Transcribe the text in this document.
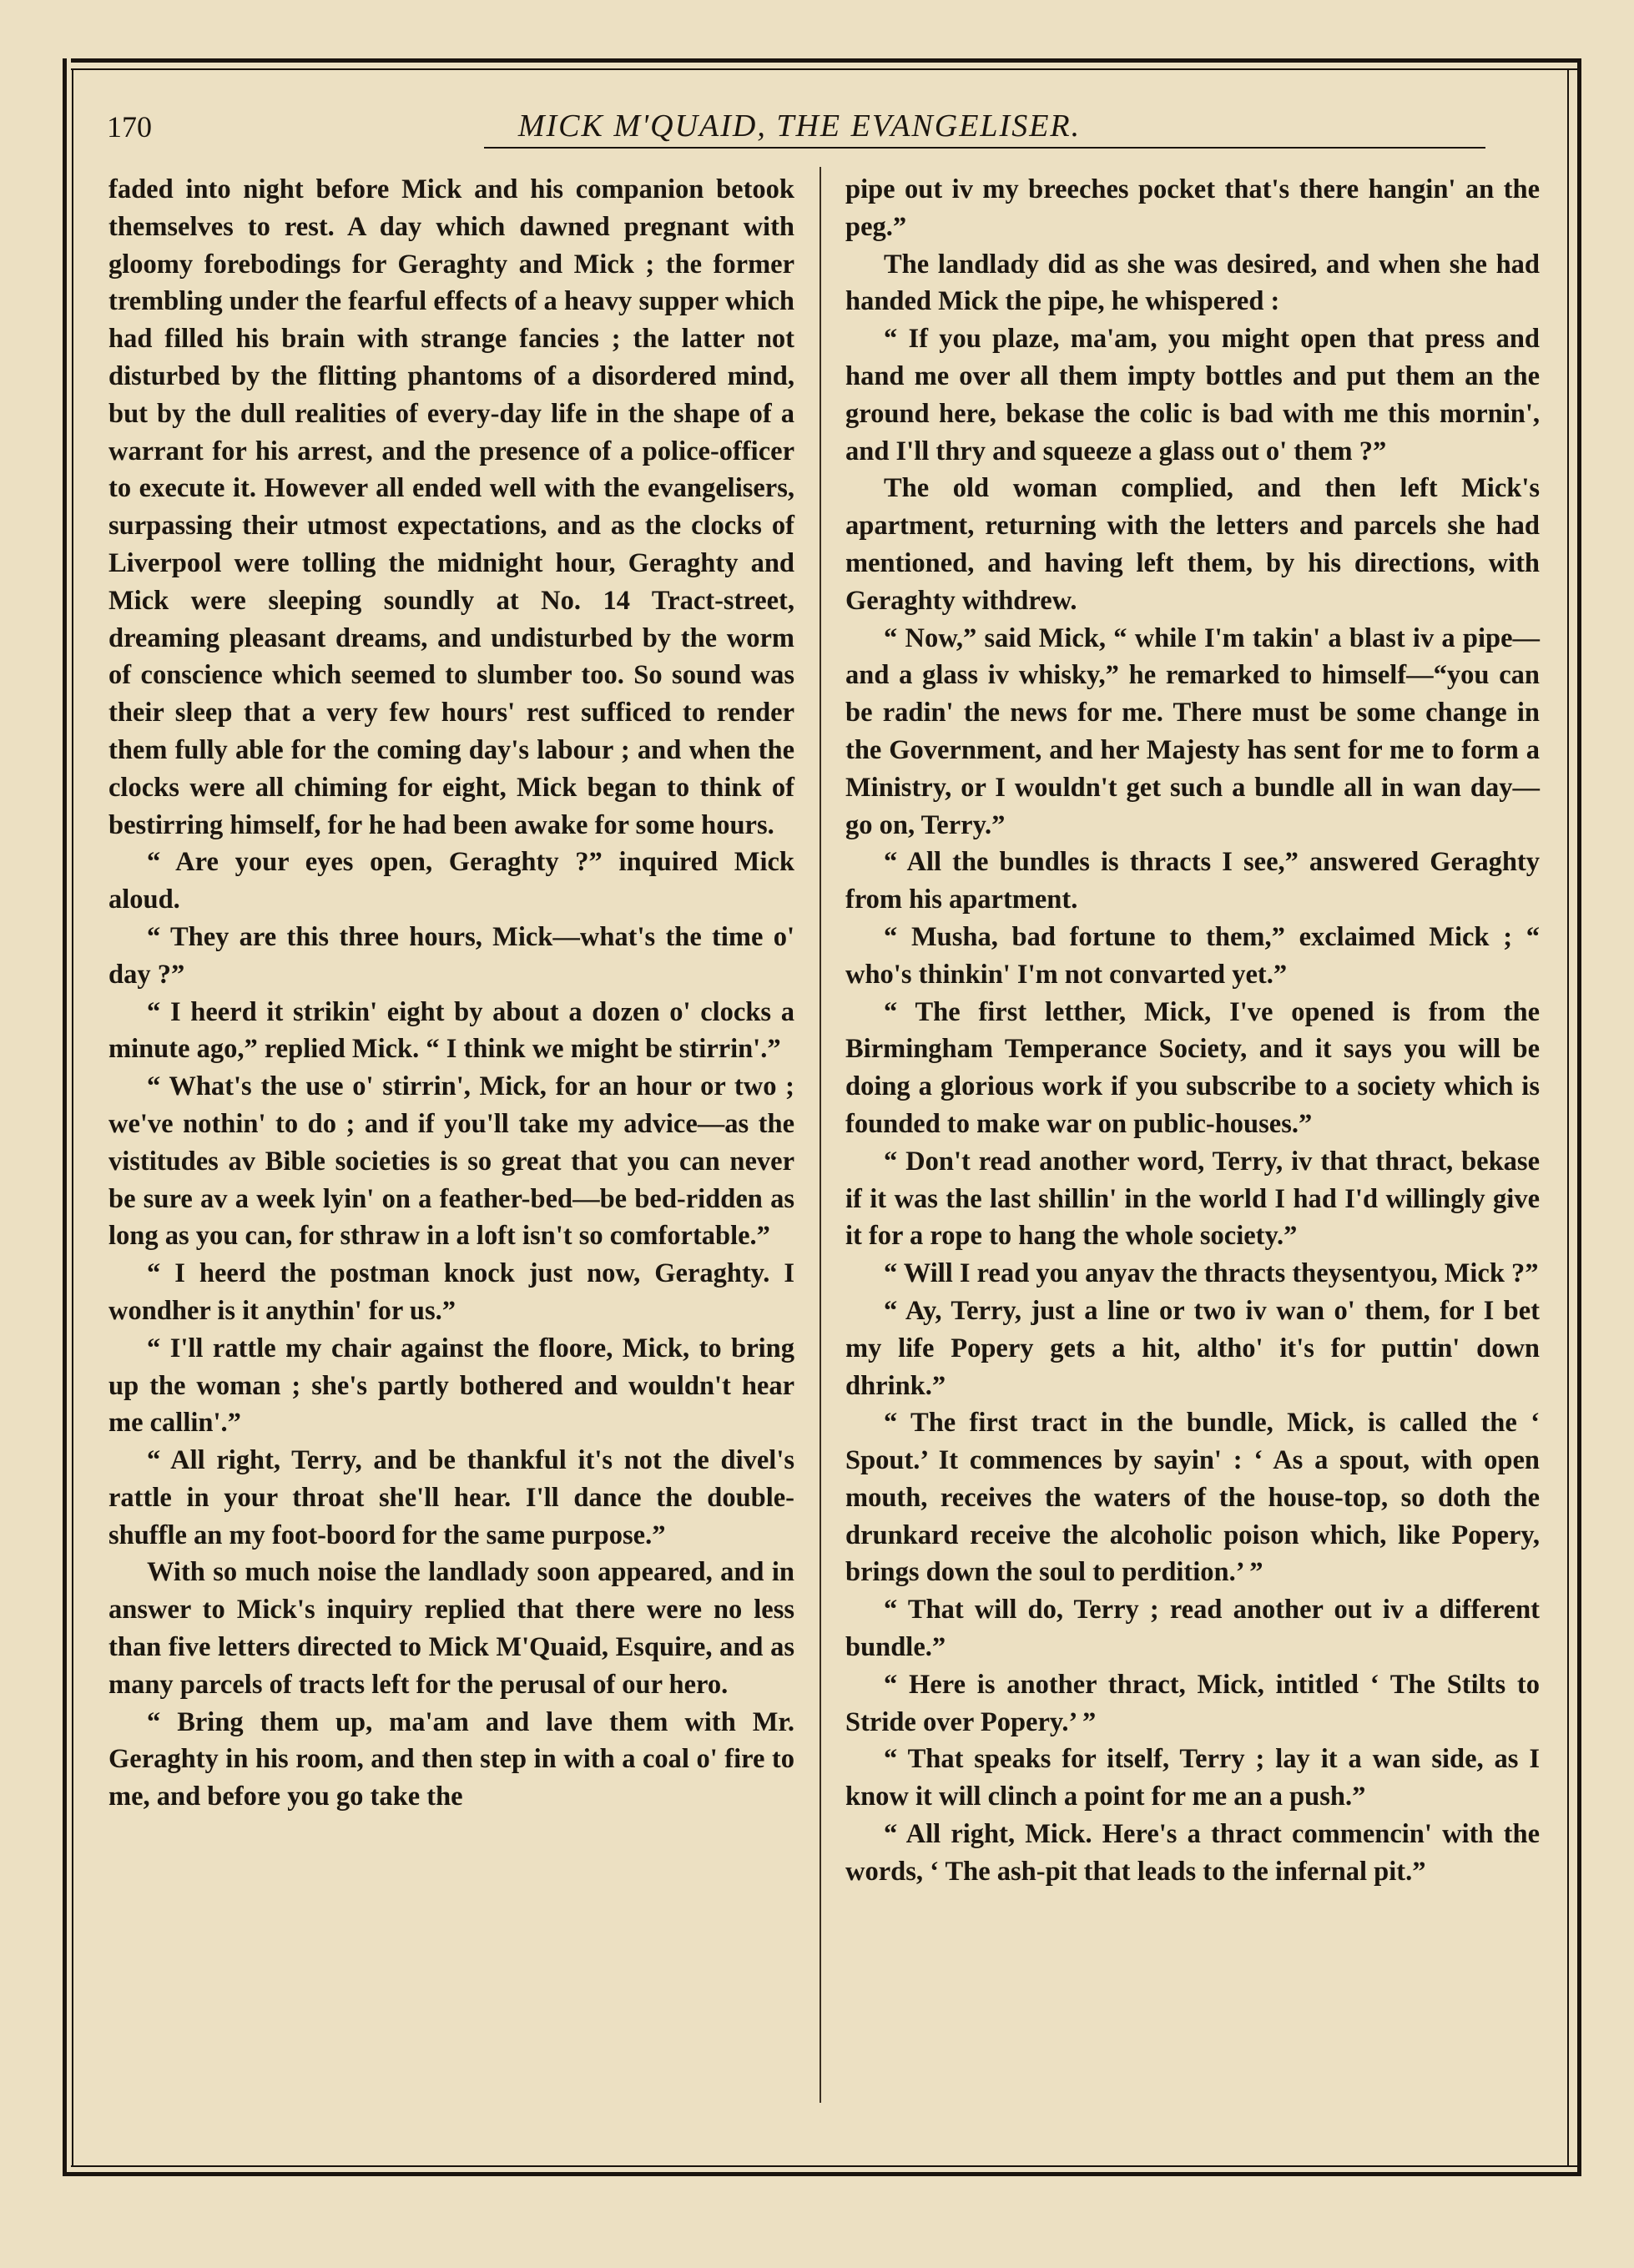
170	MICK M'QUAID, THE EVANGELISER.

faded into night before Mick and his companion betook themselves to rest. A day which dawned pregnant with gloomy forebodings for Geraghty and Mick ; the former trembling under the fearful effects of a heavy supper which had filled his brain with strange fancies ; the latter not disturbed by the flitting phantoms of a disordered mind, but by the dull realities of every-day life in the shape of a warrant for his arrest, and the presence of a police-officer to execute it. However all ended well with the evangelisers, surpassing their utmost expectations, and as the clocks of Liverpool were tolling the midnight hour, Geraghty and Mick were sleeping soundly at No. 14 Tract-street, dreaming pleasant dreams, and undisturbed by the worm of conscience which seemed to slumber too. So sound was their sleep that a very few hours' rest sufficed to render them fully able for the coming day's labour ; and when the clocks were all chiming for eight, Mick began to think of bestirring himself, for he had been awake for some hours.

“ Are your eyes open, Geraghty ?” inquired Mick aloud.

“ They are this three hours, Mick—what's the time o' day ?”

“ I heerd it strikin' eight by about a dozen o' clocks a minute ago,” replied Mick. “ I think we might be stirrin'.”

“ What's the use o' stirrin', Mick, for an hour or two ; we've nothin' to do ; and if you'll take my advice—as the vistitudes av Bible societies is so great that you can never be sure av a week lyin' on a feather-bed—be bed-ridden as long as you can, for sthraw in a loft isn't so comfortable.”

“ I heerd the postman knock just now, Geraghty. I wondher is it anythin' for us.”

“ I'll rattle my chair against the floore, Mick, to bring up the woman ; she's partly bothered and wouldn't hear me callin'.”

“ All right, Terry, and be thankful it's not the divel's rattle in your throat she'll hear. I'll dance the double-shuffle an my foot-boord for the same purpose.”

With so much noise the landlady soon appeared, and in answer to Mick's inquiry replied that there were no less than five letters directed to Mick M'Quaid, Esquire, and as many parcels of tracts left for the perusal of our hero.

“ Bring them up, ma'am and lave them with Mr. Geraghty in his room, and then step in with a coal o' fire to me, and before you go take the

pipe out iv my breeches pocket that's there hangin' an the peg.”

The landlady did as she was desired, and when she had handed Mick the pipe, he whispered :

“ If you plaze, ma'am, you might open that press and hand me over all them impty bottles and put them an the ground here, bekase the colic is bad with me this mornin', and I'll thry and squeeze a glass out o' them ?”

The old woman complied, and then left Mick's apartment, returning with the letters and parcels she had mentioned, and having left them, by his directions, with Geraghty withdrew.

“ Now,” said Mick, “ while I'm takin' a blast iv a pipe—and a glass iv whisky,” he remarked to himself—“you can be radin' the news for me. There must be some change in the Government, and her Majesty has sent for me to form a Ministry, or I wouldn't get such a bundle all in wan day—go on, Terry.”

“ All the bundles is thracts I see,” answered Geraghty from his apartment.

“ Musha, bad fortune to them,” exclaimed Mick ; “ who's thinkin' I'm not convarted yet.”

“ The first letther, Mick, I've opened is from the Birmingham Temperance Society, and it says you will be doing a glorious work if you subscribe to a society which is founded to make war on public-houses.”

“ Don't read another word, Terry, iv that thract, bekase if it was the last shillin' in the world I had I'd willingly give it for a rope to hang the whole society.”

“ Will I read you anyav the thracts theysentyou, Mick ?”

“ Ay, Terry, just a line or two iv wan o' them, for I bet my life Popery gets a hit, altho' it's for puttin' down dhrink.”

“ The first tract in the bundle, Mick, is called the ‘ Spout.’ It commences by sayin' : ‘ As a spout, with open mouth, receives the waters of the house-top, so doth the drunkard receive the alcoholic poison which, like Popery, brings down the soul to perdition.’ ”

“ That will do, Terry ; read another out iv a different bundle.”

“ Here is another thract, Mick, intitled ‘ The Stilts to Stride over Popery.’ ”

“ That speaks for itself, Terry ; lay it a wan side, as I know it will clinch a point for me an a push.”

“ All right, Mick. Here's a thract commencin' with the words, ‘ The ash-pit that leads to the infernal pit.”
